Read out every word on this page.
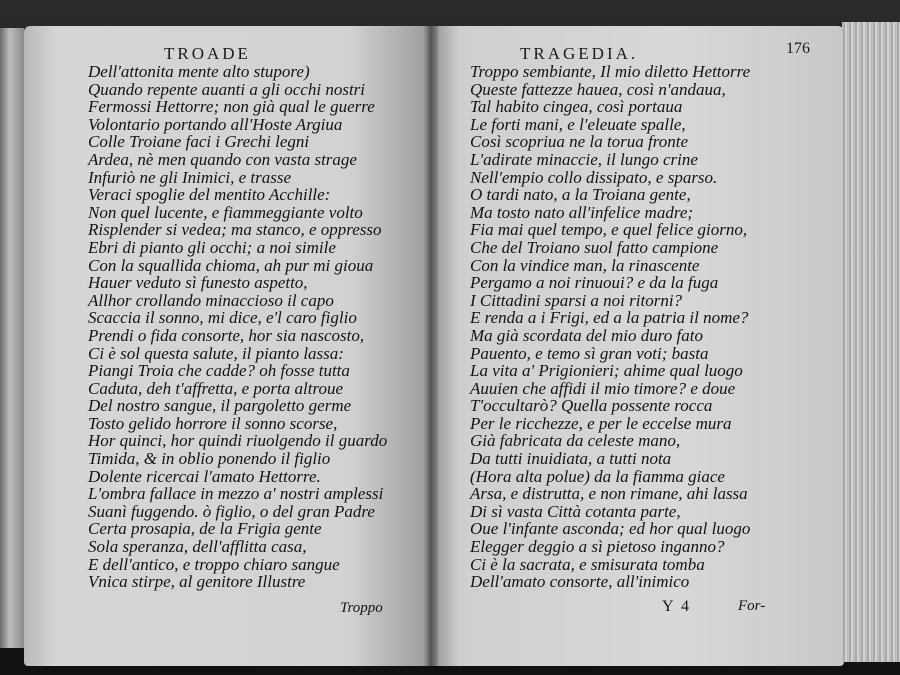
TROADE
Dell'attonita mente alto stupore)
Quando repente auanti a gli occhi nostri
Fermossi Hettorre; non già qual le guerre
Volontario portando all'Hoste Argiua
Colle Troiane faci i Grechi legni
Ardea, nè men quando con vasta strage
Infuriò ne gli Inimici, e trasse
Veraci spoglie del mentito Acchille:
Non quel lucente, e fiammeggiante volto
Risplender si vedea; ma stanco, e oppresso
Ebri di pianto gli occhi; a noi simile
Con la squallida chioma, ah pur mi gioua
Hauer veduto sì funesto aspetto,
Allhor crollando minaccioso il capo
Scaccia il sonno, mi dice, e'l caro figlio
Prendi o fida consorte, hor sia nascosto,
Ci è sol questa salute, il pianto lassa:
Piangi Troia che cadde? oh fosse tutta
Caduta, deh t'affretta, e porta altroue
Del nostro sangue, il pargoletto germe
Tosto gelido horrore il sonno scorse,
Hor quinci, hor quindi riuolgendo il guardo
Timida, & in oblio ponendo il figlio
Dolente ricercai l'amato Hettorre.
L'ombra fallace in mezzo a' nostri amplessi
Suanì fuggendo. ò figlio, o del gran Padre
Certa prosapia, de la Frigia gente
Sola speranza, dell'afflitta casa,
E dell'antico, e troppo chiaro sangue
Vnica stirpe, al genitore Illustre
Troppo
TRAGEDIA.	176
Troppo sembiante, Il mio diletto Hettorre
Queste fattezze hauea, così n'andaua,
Tal habito cingea, così portaua
Le forti mani, e l'eleuate spalle,
Così scopriua ne la torua fronte
L'adirate minaccie, il lungo crine
Nell'empio collo dissipato, e sparso.
O tardi nato, a la Troiana gente,
Ma tosto nato all'infelice madre;
Fia mai quel tempo, e quel felice giorno,
Che del Troiano suol fatto campione
Con la vindice man, la rinascente
Pergamo a noi rinuoui? e da la fuga
I Cittadini sparsi a noi ritorni?
E renda a i Frigi, ed a la patria il nome?
Ma già scordata del mio duro fato
Pauento, e temo sì gran voti; basta
La vita a' Prigionieri; ahime qual luogo
Auuien che affidi il mio timore? e doue
T'occultarò? Quella possente rocca
Per le ricchezze, e per le eccelse mura
Già fabricata da celeste mano,
Da tutti inuidiata, a tutti nota
(Hora alta polue) da la fiamma giace
Arsa, e distrutta, e non rimane, ahi lassa
Di sì vasta Città cotanta parte,
Oue l'infante asconda; ed hor qual luogo
Elegger deggio a sì pietoso inganno?
Ci è la sacrata, e smisurata tomba
Dell'amato consorte, all'inimico
Y 4	For-
